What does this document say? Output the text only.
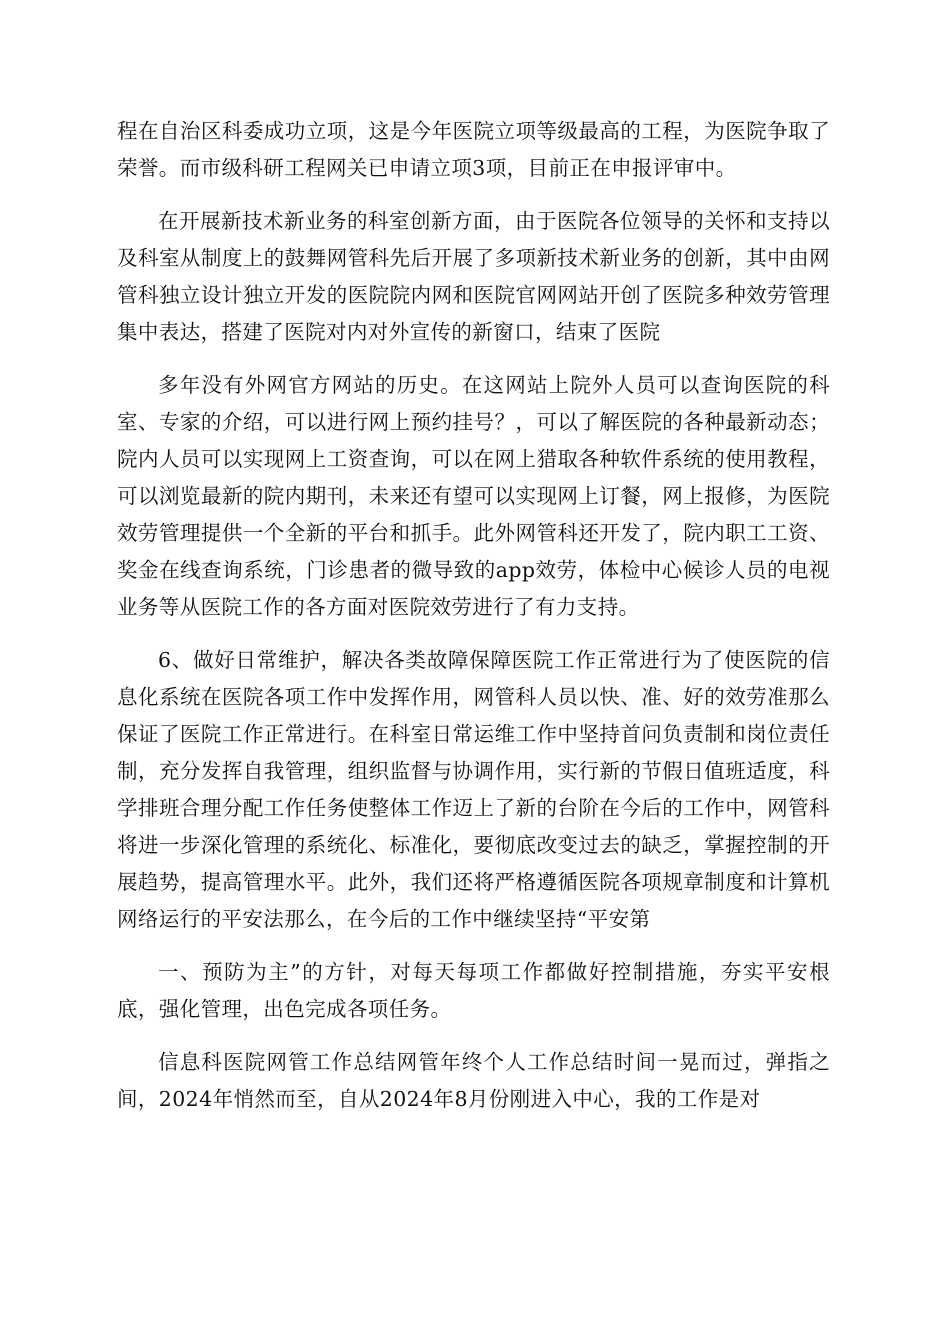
程在自治区科委成功立项，这是今年医院立项等级最高的工程，为医院争取了荣誉。而市级科研工程网关已申请立项3项，目前正在申报评审中。

在开展新技术新业务的科室创新方面，由于医院各位领导的关怀和支持以及科室从制度上的鼓舞网管科先后开展了多项新技术新业务的创新，其中由网管科独立设计独立开发的医院院内网和医院官网网站开创了医院多种效劳管理集中表达，搭建了医院对内对外宣传的新窗口，结束了医院

多年没有外网官方网站的历史。在这网站上院外人员可以查询医院的科室、专家的介绍，可以进行网上预约挂号？，可以了解医院的各种最新动态；院内人员可以实现网上工资查询，可以在网上猎取各种软件系统的使用教程，可以浏览最新的院内期刊，未来还有望可以实现网上订餐，网上报修，为医院效劳管理提供一个全新的平台和抓手。此外网管科还开发了，院内职工工资、奖金在线查询系统，门诊患者的微导致的app效劳，体检中心候诊人员的电视业务等从医院工作的各方面对医院效劳进行了有力支持。

6、做好日常维护，解决各类故障保障医院工作正常进行为了使医院的信息化系统在医院各项工作中发挥作用，网管科人员以快、准、好的效劳准那么保证了医院工作正常进行。在科室日常运维工作中坚持首问负责制和岗位责任制，充分发挥自我管理，组织监督与协调作用，实行新的节假日值班适度，科学排班合理分配工作任务使整体工作迈上了新的台阶在今后的工作中，网管科将进一步深化管理的系统化、标准化，要彻底改变过去的缺乏，掌握控制的开展趋势，提高管理水平。此外，我们还将严格遵循医院各项规章制度和计算机网络运行的平安法那么，在今后的工作中继续坚持“平安第

一、预防为主”的方针，对每天每项工作都做好控制措施，夯实平安根底，强化管理，出色完成各项任务。

信息科医院网管工作总结网管年终个人工作总结时间一晃而过，弹指之间，2024年悄然而至，自从2024年8月份刚进入中心，我的工作是对
